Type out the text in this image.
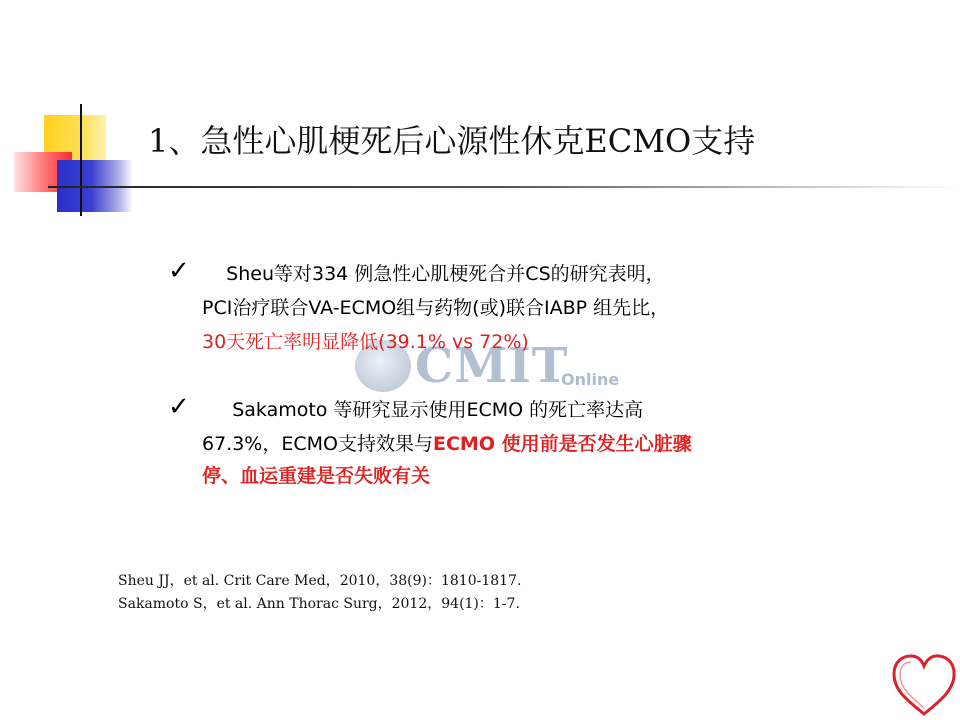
1、急性心肌梗死后心源性休克ECMO支持
CMIT
Online
✓ Sheu等对334 例急性心肌梗死合并CS的研究表明，
PCI治疗联合VA-ECMO组与药物(或)联合IABP 组先比，
30天死亡率明显降低(39.1% vs 72%)
✓ Sakamoto 等研究显示使用ECMO 的死亡率达高
67.3%，ECMO支持效果与ECMO 使用前是否发生心脏骤
停、血运重建是否失败有关
Sheu JJ，et al. Crit Care Med，2010，38(9)：1810-1817.
Sakamoto S，et al. Ann Thorac Surg，2012，94(1)：1-7.
